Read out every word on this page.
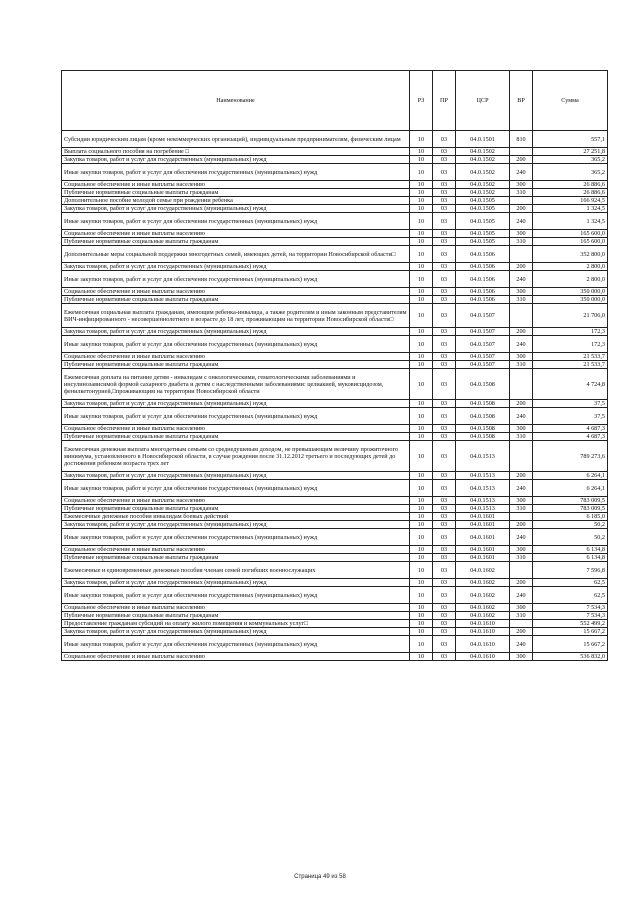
Наименование	РЗ	ПР	ЦСР	ВР	Сумма
Субсидии юридическим лицам (кроме некоммерческих организаций), индивидуальным предпринимателям, физическим лицам	10	03	04.0.1501	810	557,1
Выплата социального пособия на погребение □	10	03	04.0.1502		27 251,8
Закупка товаров, работ и услуг для государственных (муниципальных) нужд	10	03	04.0.1502	200	365,2
Иные закупки товаров, работ и услуг для обеспечения государственных (муниципальных) нужд	10	03	04.0.1502	240	365,2
Социальное обеспечение и иные выплаты населению	10	03	04.0.1502	300	26 886,6
Публичные нормативные социальные выплаты гражданам	10	03	04.0.1502	310	26 886,6
Дополнительное пособие молодой семье при рождении ребенка	10	03	04.0.1505		166 924,5
Закупка товаров, работ и услуг для государственных (муниципальных) нужд	10	03	04.0.1505	200	1 324,5
Иные закупки товаров, работ и услуг для обеспечения государственных (муниципальных) нужд	10	03	04.0.1505	240	1 324,5
Социальное обеспечение и иные выплаты населению	10	03	04.0.1505	300	165 600,0
Публичные нормативные социальные выплаты гражданам	10	03	04.0.1505	310	165 600,0
Дополнительные меры социальной поддержки многодетных семей, имеющих детей, на территории Новосибирской области□	10	03	04.0.1506		352 800,0
Закупка товаров, работ и услуг для государственных (муниципальных) нужд	10	03	04.0.1506	200	2 800,0
Иные закупки товаров, работ и услуг для обеспечения государственных (муниципальных) нужд	10	03	04.0.1506	240	2 800,0
Социальное обеспечение и иные выплаты населению	10	03	04.0.1506	300	350 000,0
Публичные нормативные социальные выплаты гражданам	10	03	04.0.1506	310	350 000,0
Ежемесячная социальная выплата гражданам, имеющим ребенка-инвалида, а также родителям и иным законным представителям ВИЧ-инфицированного - несовершеннолетнего в возрасте до 18 лет, проживающим на территории Новосибирской области□	10	03	04.0.1507		21 706,0
Закупка товаров, работ и услуг для государственных (муниципальных) нужд	10	03	04.0.1507	200	172,3
Иные закупки товаров, работ и услуг для обеспечения государственных (муниципальных) нужд	10	03	04.0.1507	240	172,3
Социальное обеспечение и иные выплаты населению	10	03	04.0.1507	300	21 533,7
Публичные нормативные социальные выплаты гражданам	10	03	04.0.1507	310	21 533,7
Ежемесячная доплата на питание детям - инвалидам с онкологическими, гематологическими заболеваниями и инсулинозависимой формой сахарного диабета и детям с наследственными заболеваниями: целиакией, муковисцидозом, фенилкетонурией,□проживающим на территории Новосибирской области	10	03	04.0.1508		4 724,8
Закупка товаров, работ и услуг для государственных (муниципальных) нужд	10	03	04.0.1508	200	37,5
Иные закупки товаров, работ и услуг для обеспечения государственных (муниципальных) нужд	10	03	04.0.1508	240	37,5
Социальное обеспечение и иные выплаты населению	10	03	04.0.1508	300	4 687,3
Публичные нормативные социальные выплаты гражданам	10	03	04.0.1508	310	4 687,3
Ежемесячная денежная выплата многодетным семьям со среднедушевым доходом, не превышающим величину прожиточного минимума, установленного в Новосибирской области, в случае рождения после 31.12.2012 третьего и последующих детей до достижения ребенком возраста трех лет	10	03	04.0.1513		789 273,6
Закупка товаров, работ и услуг для государственных (муниципальных) нужд	10	03	04.0.1513	200	6 264,1
Иные закупки товаров, работ и услуг для обеспечения государственных (муниципальных) нужд	10	03	04.0.1513	240	6 264,1
Социальное обеспечение и иные выплаты населению	10	03	04.0.1513	300	783 009,5
Публичные нормативные социальные выплаты гражданам	10	03	04.0.1513	310	783 009,5
Ежемесячные денежные пособия инвалидам боевых действий	10	03	04.0.1601		6 185,0
Закупка товаров, работ и услуг для государственных (муниципальных) нужд	10	03	04.0.1601	200	50,2
Иные закупки товаров, работ и услуг для обеспечения государственных (муниципальных) нужд	10	03	04.0.1601	240	50,2
Социальное обеспечение и иные выплаты населению	10	03	04.0.1601	300	6 134,8
Публичные нормативные социальные выплаты гражданам	10	03	04.0.1601	310	6 134,8
Ежемесячные и единовременные денежные пособия членам семей погибших военнослужащих	10	03	04.0.1602		7 596,8
Закупка товаров, работ и услуг для государственных (муниципальных) нужд	10	03	04.0.1602	200	62,5
Иные закупки товаров, работ и услуг для обеспечения государственных (муниципальных) нужд	10	03	04.0.1602	240	62,5
Социальное обеспечение и иные выплаты населению	10	03	04.0.1602	300	7 534,3
Публичные нормативные социальные выплаты гражданам	10	03	04.0.1602	310	7 534,3
Предоставление гражданам субсидий на оплату жилого помещения и коммунальных услуг□	10	03	04.0.1610		552 499,2
Закупка товаров, работ и услуг для государственных (муниципальных) нужд	10	03	04.0.1610	200	15 667,2
Иные закупки товаров, работ и услуг для обеспечения государственных (муниципальных) нужд	10	03	04.0.1610	240	15 667,2
Социальное обеспечение и иные выплаты населению	10	03	04.0.1610	300	536 832,0
Страница 49 из 58
